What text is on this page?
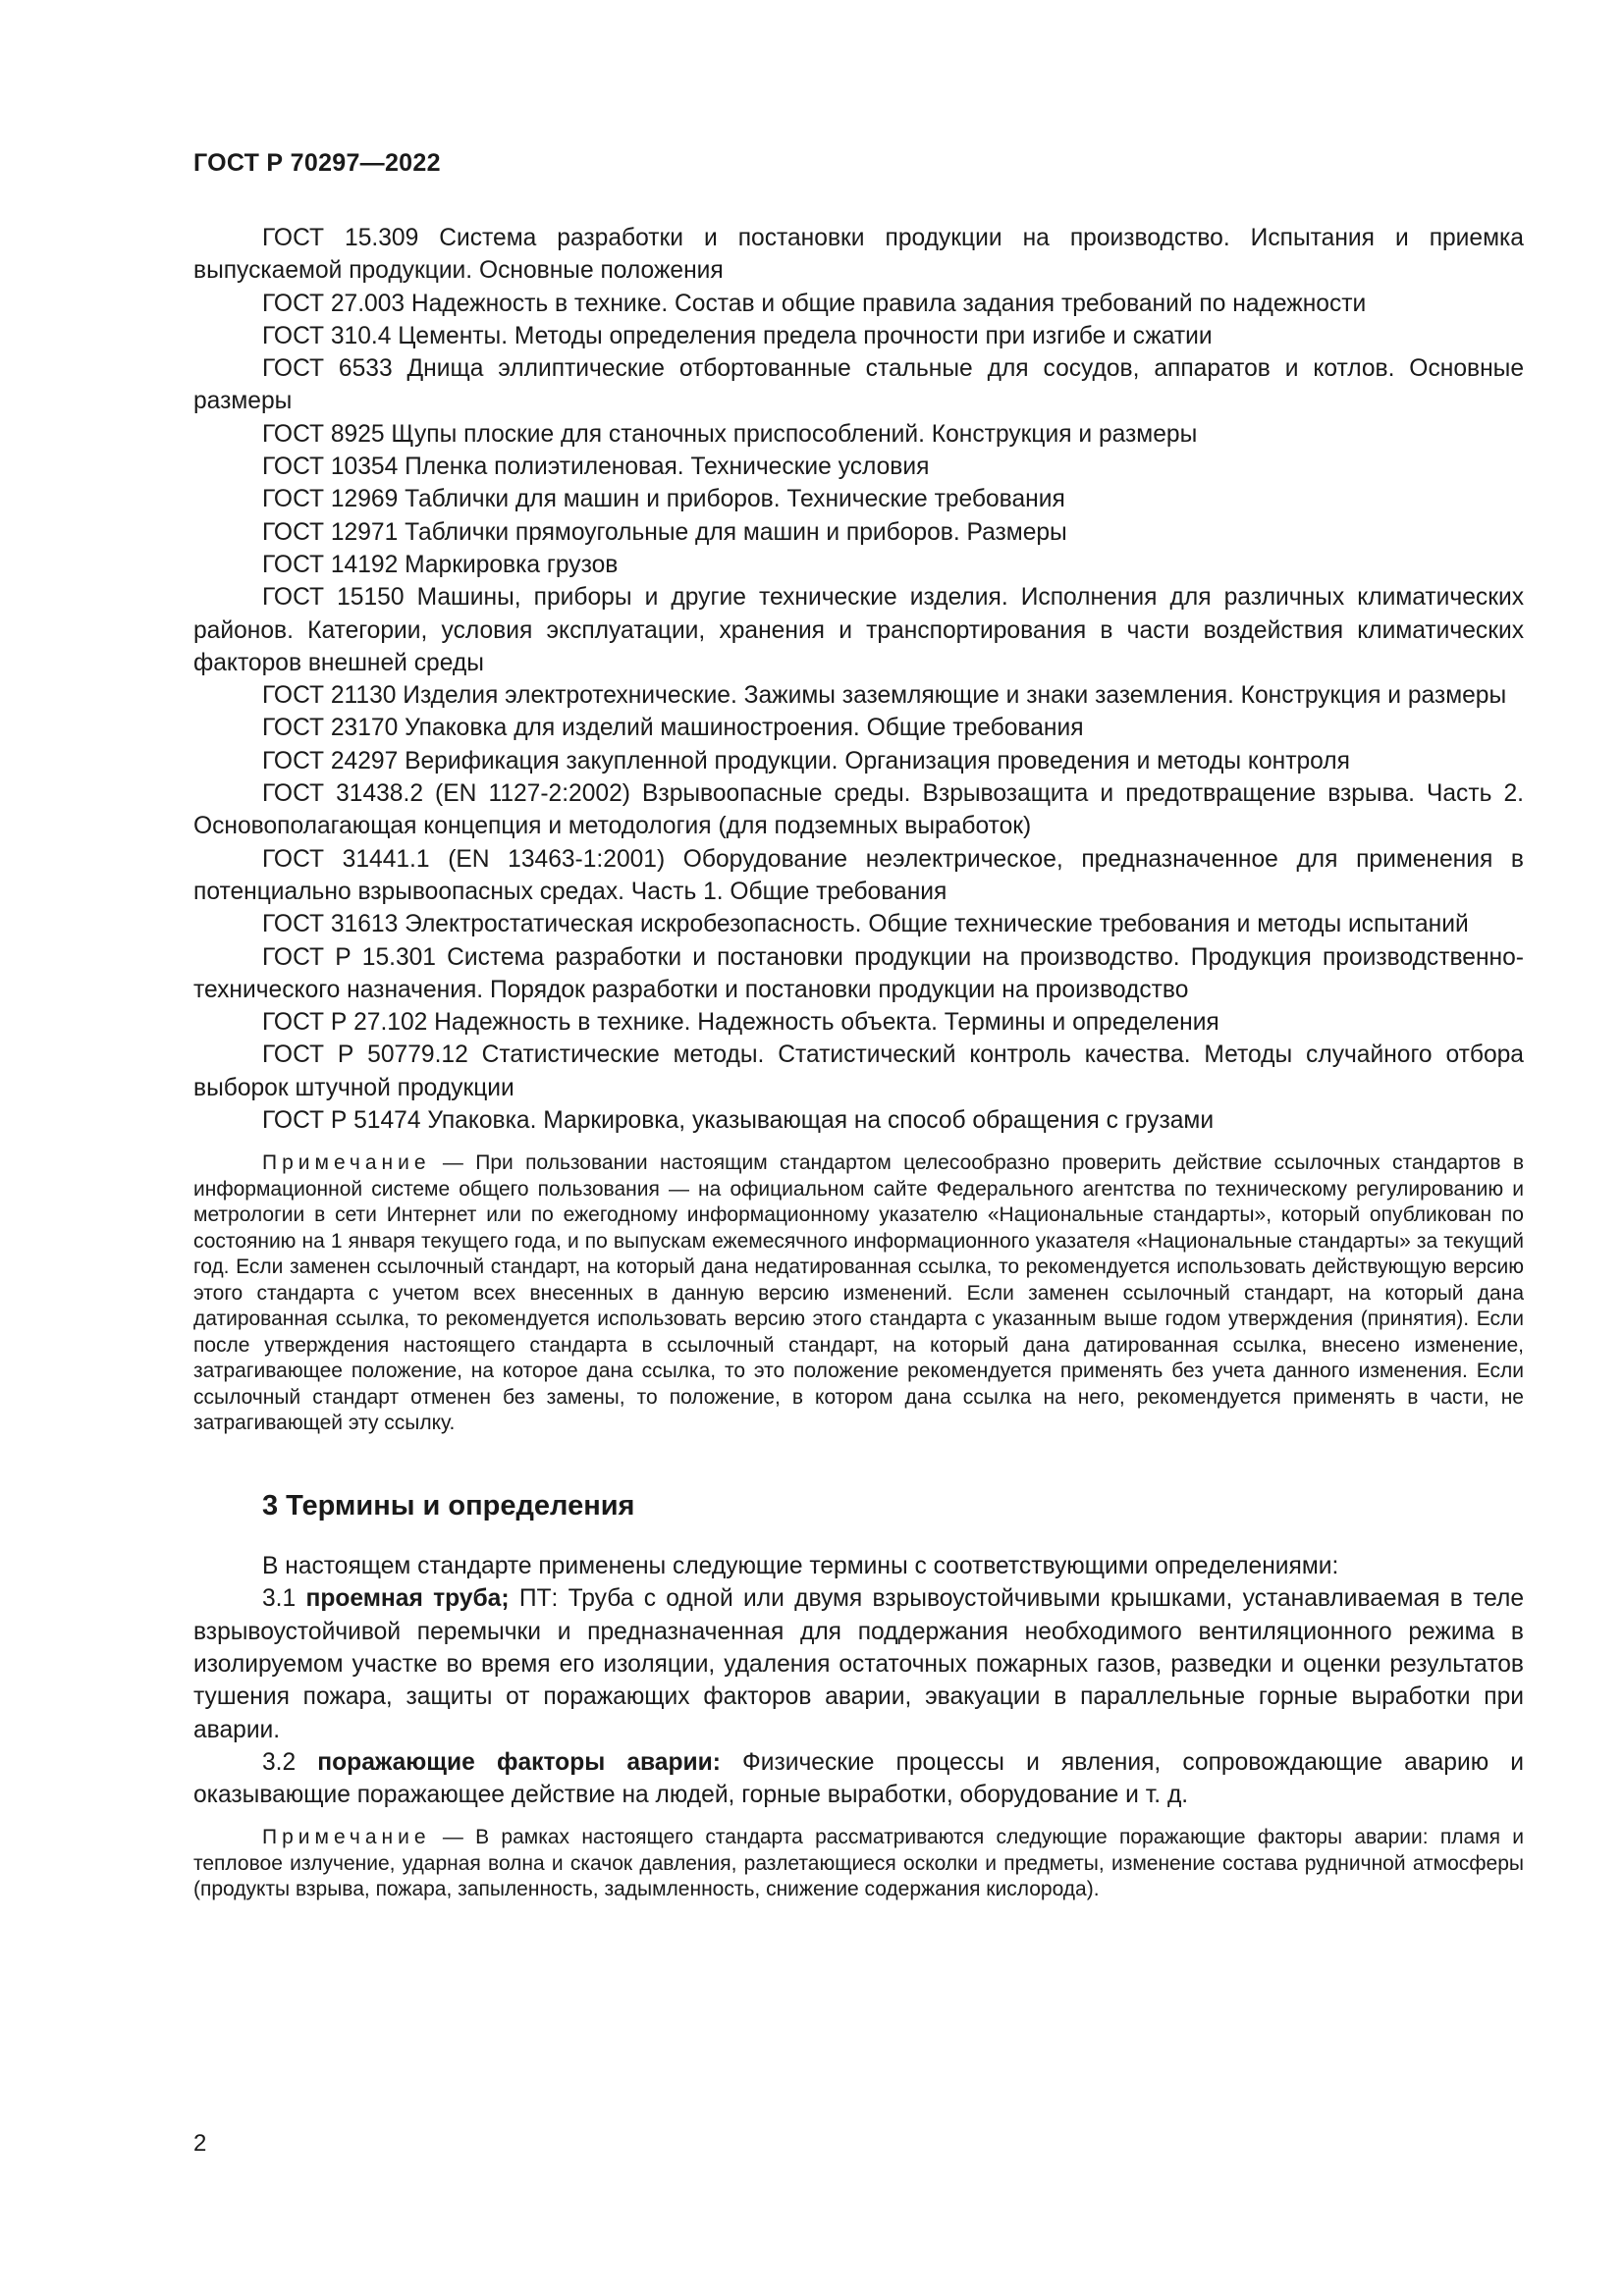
ГОСТ Р 70297—2022

ГОСТ 15.309 Система разработки и постановки продукции на производство. Испытания и приемка выпускаемой продукции. Основные положения

ГОСТ 27.003 Надежность в технике. Состав и общие правила задания требований по надежности

ГОСТ 310.4 Цементы. Методы определения предела прочности при изгибе и сжатии

ГОСТ 6533 Днища эллиптические отбортованные стальные для сосудов, аппаратов и котлов. Основные размеры

ГОСТ 8925 Щупы плоские для станочных приспособлений. Конструкция и размеры

ГОСТ 10354 Пленка полиэтиленовая. Технические условия

ГОСТ 12969 Таблички для машин и приборов. Технические требования

ГОСТ 12971 Таблички прямоугольные для машин и приборов. Размеры

ГОСТ 14192 Маркировка грузов

ГОСТ 15150 Машины, приборы и другие технические изделия. Исполнения для различных климатических районов. Категории, условия эксплуатации, хранения и транспортирования в части воздействия климатических факторов внешней среды

ГОСТ 21130 Изделия электротехнические. Зажимы заземляющие и знаки заземления. Конструкция и размеры

ГОСТ 23170 Упаковка для изделий машиностроения. Общие требования

ГОСТ 24297 Верификация закупленной продукции. Организация проведения и методы контроля

ГОСТ 31438.2 (EN 1127-2:2002) Взрывоопасные среды. Взрывозащита и предотвращение взрыва. Часть 2. Основополагающая концепция и методология (для подземных выработок)

ГОСТ 31441.1 (EN 13463-1:2001) Оборудование неэлектрическое, предназначенное для применения в потенциально взрывоопасных средах. Часть 1. Общие требования

ГОСТ 31613 Электростатическая искробезопасность. Общие технические требования и методы испытаний

ГОСТ Р 15.301 Система разработки и постановки продукции на производство. Продукция производственно-технического назначения. Порядок разработки и постановки продукции на производство

ГОСТ Р 27.102 Надежность в технике. Надежность объекта. Термины и определения

ГОСТ Р 50779.12 Статистические методы. Статистический контроль качества. Методы случайного отбора выборок штучной продукции

ГОСТ Р 51474 Упаковка. Маркировка, указывающая на способ обращения с грузами

Примечание — При пользовании настоящим стандартом целесообразно проверить действие ссылочных стандартов в информационной системе общего пользования — на официальном сайте Федерального агентства по техническому регулированию и метрологии в сети Интернет или по ежегодному информационному указателю «Национальные стандарты», который опубликован по состоянию на 1 января текущего года, и по выпускам ежемесячного информационного указателя «Национальные стандарты» за текущий год. Если заменен ссылочный стандарт, на который дана недатированная ссылка, то рекомендуется использовать действующую версию этого стандарта с учетом всех внесенных в данную версию изменений. Если заменен ссылочный стандарт, на который дана датированная ссылка, то рекомендуется использовать версию этого стандарта с указанным выше годом утверждения (принятия). Если после утверждения настоящего стандарта в ссылочный стандарт, на который дана датированная ссылка, внесено изменение, затрагивающее положение, на которое дана ссылка, то это положение рекомендуется применять без учета данного изменения. Если ссылочный стандарт отменен без замены, то положение, в котором дана ссылка на него, рекомендуется применять в части, не затрагивающей эту ссылку.

3 Термины и определения

В настоящем стандарте применены следующие термины с соответствующими определениями:

3.1 проемная труба; ПТ: Труба с одной или двумя взрывоустойчивыми крышками, устанавливаемая в теле взрывоустойчивой перемычки и предназначенная для поддержания необходимого вентиляционного режима в изолируемом участке во время его изоляции, удаления остаточных пожарных газов, разведки и оценки результатов тушения пожара, защиты от поражающих факторов аварии, эвакуации в параллельные горные выработки при аварии.

3.2 поражающие факторы аварии: Физические процессы и явления, сопровождающие аварию и оказывающие поражающее действие на людей, горные выработки, оборудование и т. д.

Примечание — В рамках настоящего стандарта рассматриваются следующие поражающие факторы аварии: пламя и тепловое излучение, ударная волна и скачок давления, разлетающиеся осколки и предметы, изменение состава рудничной атмосферы (продукты взрыва, пожара, запыленность, задымленность, снижение содержания кислорода).

2
